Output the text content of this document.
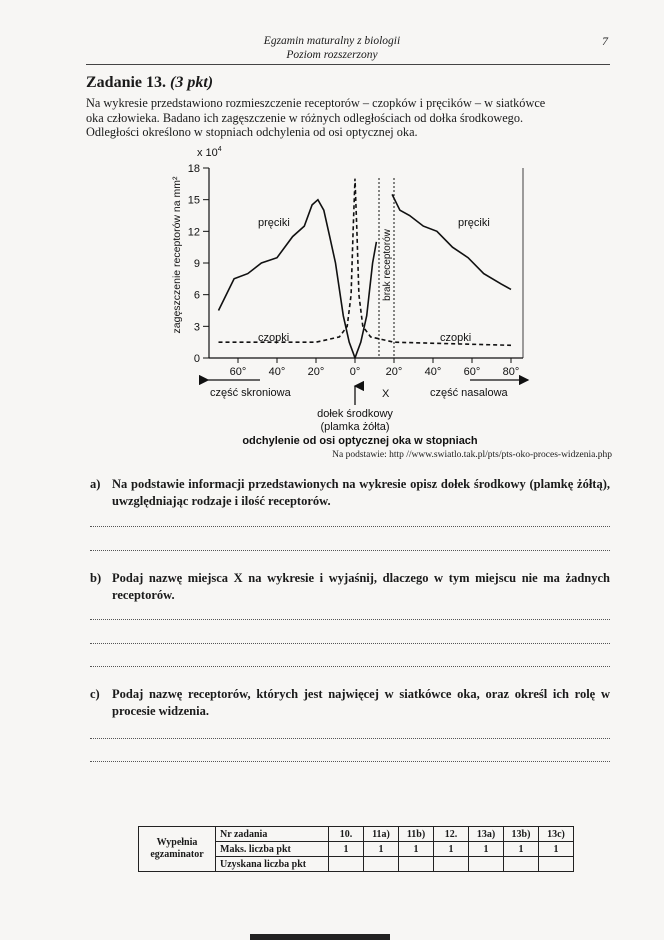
Egzamin maturalny z biologii
Poziom rozszerzony
7
Zadanie 13. (3 pkt)
Na wykresie przedstawiono rozmieszczenie receptorów – czopków i pręcików – w siatkówce
oka człowieka. Badano ich zagęszczenie w różnych odległościach od dołka środkowego.
Odległości określono w stopniach odchylenia od osi optycznej oka.
x $10^4$
zagęszczenie receptorów na mm²
18
15
12
9
6
3
0
60° 40° 20° 0° 20° 40° 60° 80°
brak receptorów
pręciki	pręciki
czopki	czopki
część skroniowa	część nasalowa
X
dołek środkowy
(plamka żółta)
odchylenie od osi optycznej oka w stopniach
Na podstawie: http //www.swiatlo.tak.pl/pts/pts-oko-proces-widzenia.php
a) Na podstawie informacji przedstawionych na wykresie opisz dołek środkowy (plamkę żółtą), uwzględniając rodzaje i ilość receptorów.
b) Podaj nazwę miejsca X na wykresie i wyjaśnij, dlaczego w tym miejscu nie ma żadnych receptorów.
c) Podaj nazwę receptorów, których jest najwięcej w siatkówce oka, oraz określ ich rolę w procesie widzenia.
Wypełnia
egzaminator	Nr zadania	10.	11a)	11b)	12.	13a)	13b)	13c)
	Maks. liczba pkt	1	1	1	1	1	1	1
	Uzyskana liczba pkt							
